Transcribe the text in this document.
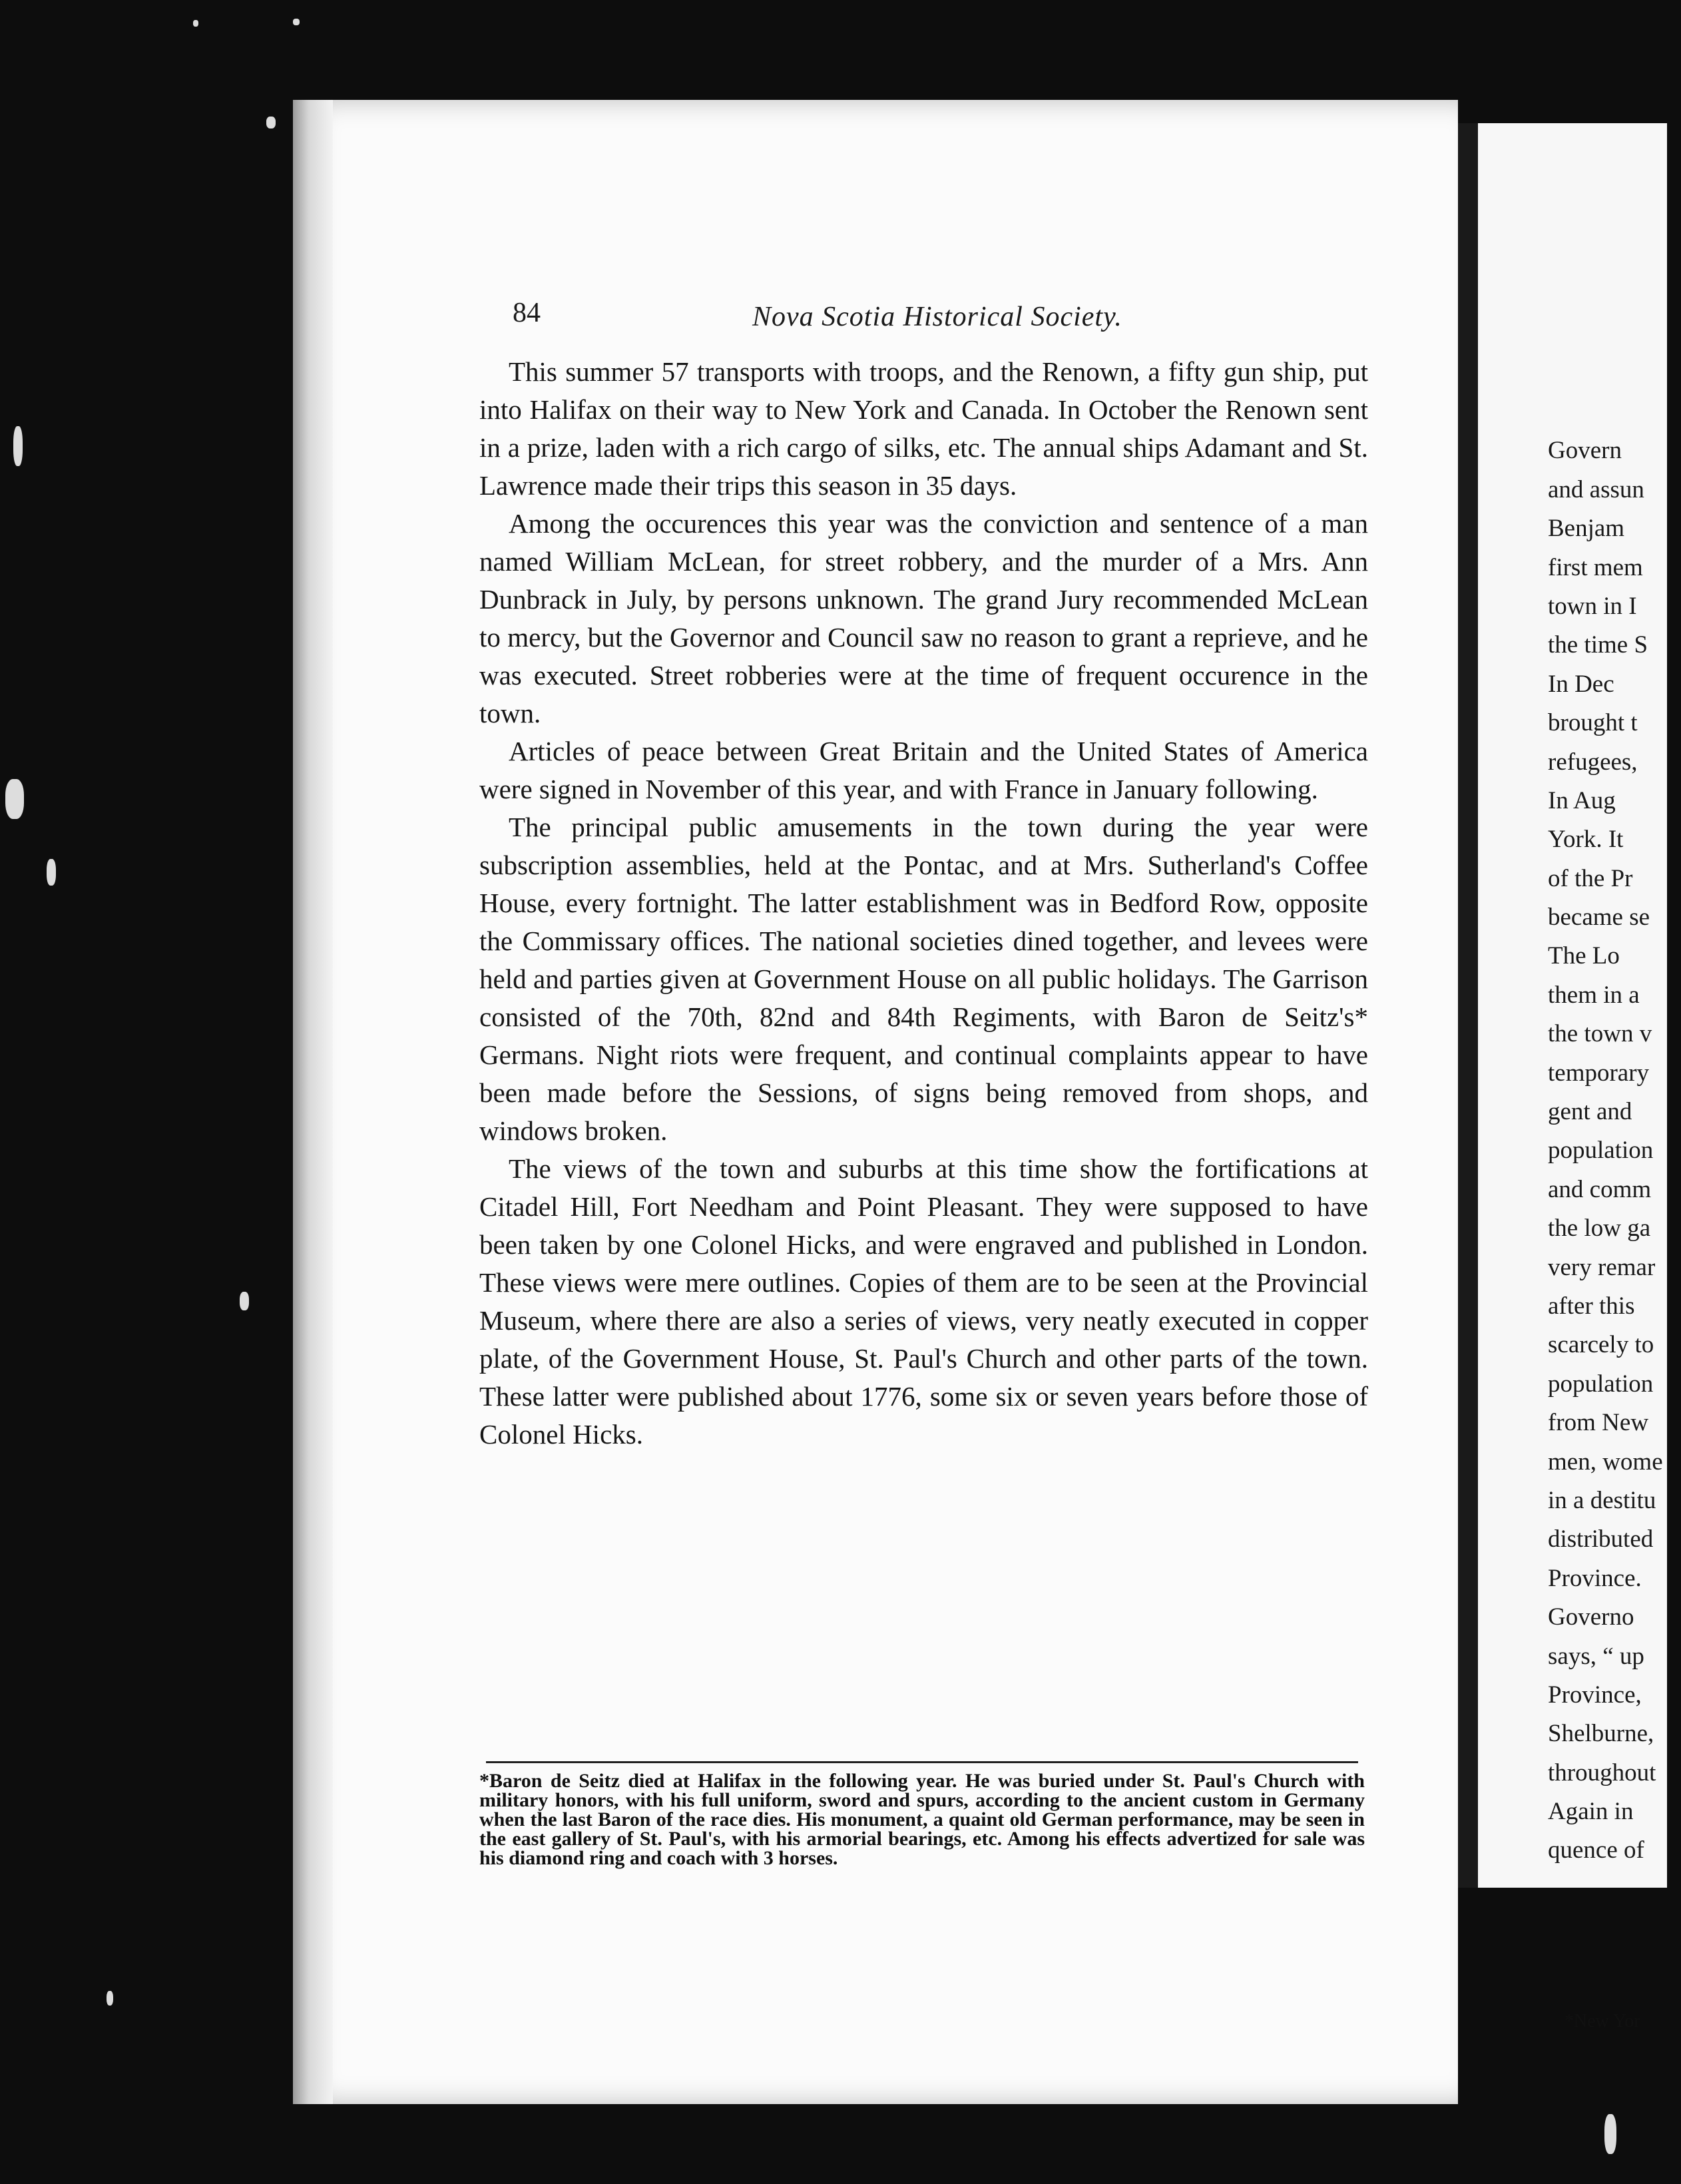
Govern
and assun
Benjam
first mem
town in I
the time S
In Dec
brought t
refugees,
In Aug
York. It
of the Pr
became se
The Lo
them in a
the town v
temporary
gent and
population
and comm
the low ga
very remar
after this
scarcely to
population
from New
men, wome
in a destitu
distributed
Province.
Governo
says, “ up
Province,
Shelburne,
throughout
Again in
quence of
*New Yor
84	Nova Scotia Historical Society.

This summer 57 transports with troops, and the Renown, a fifty gun ship, put into Halifax on their way to New York and Canada. In October the Renown sent in a prize, laden with a rich cargo of silks, etc. The annual ships Adamant and St. Lawrence made their trips this season in 35 days.

Among the occurences this year was the conviction and sentence of a man named William McLean, for street robbery, and the murder of a Mrs. Ann Dunbrack in July, by persons unknown. The grand Jury recommended McLean to mercy, but the Governor and Council saw no reason to grant a reprieve, and he was executed. Street robberies were at the time of frequent occurence in the town.

Articles of peace between Great Britain and the United States of America were signed in November of this year, and with France in January following.

The principal public amusements in the town during the year were subscription assemblies, held at the Pontac, and at Mrs. Sutherland's Coffee House, every fortnight. The latter establishment was in Bedford Row, opposite the Commissary offices. The national societies dined together, and levees were held and parties given at Government House on all public holidays. The Garrison consisted of the 70th, 82nd and 84th Regiments, with Baron de Seitz's* Germans. Night riots were frequent, and continual complaints appear to have been made before the Sessions, of signs being removed from shops, and windows broken.

The views of the town and suburbs at this time show the fortifications at Citadel Hill, Fort Needham and Point Pleasant. They were supposed to have been taken by one Colonel Hicks, and were engraved and published in London. These views were mere outlines. Copies of them are to be seen at the Provincial Museum, where there are also a series of views, very neatly executed in copper plate, of the Government House, St. Paul's Church and other parts of the town. These latter were published about 1776, some six or seven years before those of Colonel Hicks.

*Baron de Seitz died at Halifax in the following year. He was buried under St. Paul's Church with military honors, with his full uniform, sword and spurs, according to the ancient custom in Germany when the last Baron of the race dies. His monument, a quaint old German performance, may be seen in the east gallery of St. Paul's, with his armorial bearings, etc. Among his effects advertized for sale was his diamond ring and coach with 3 horses.
